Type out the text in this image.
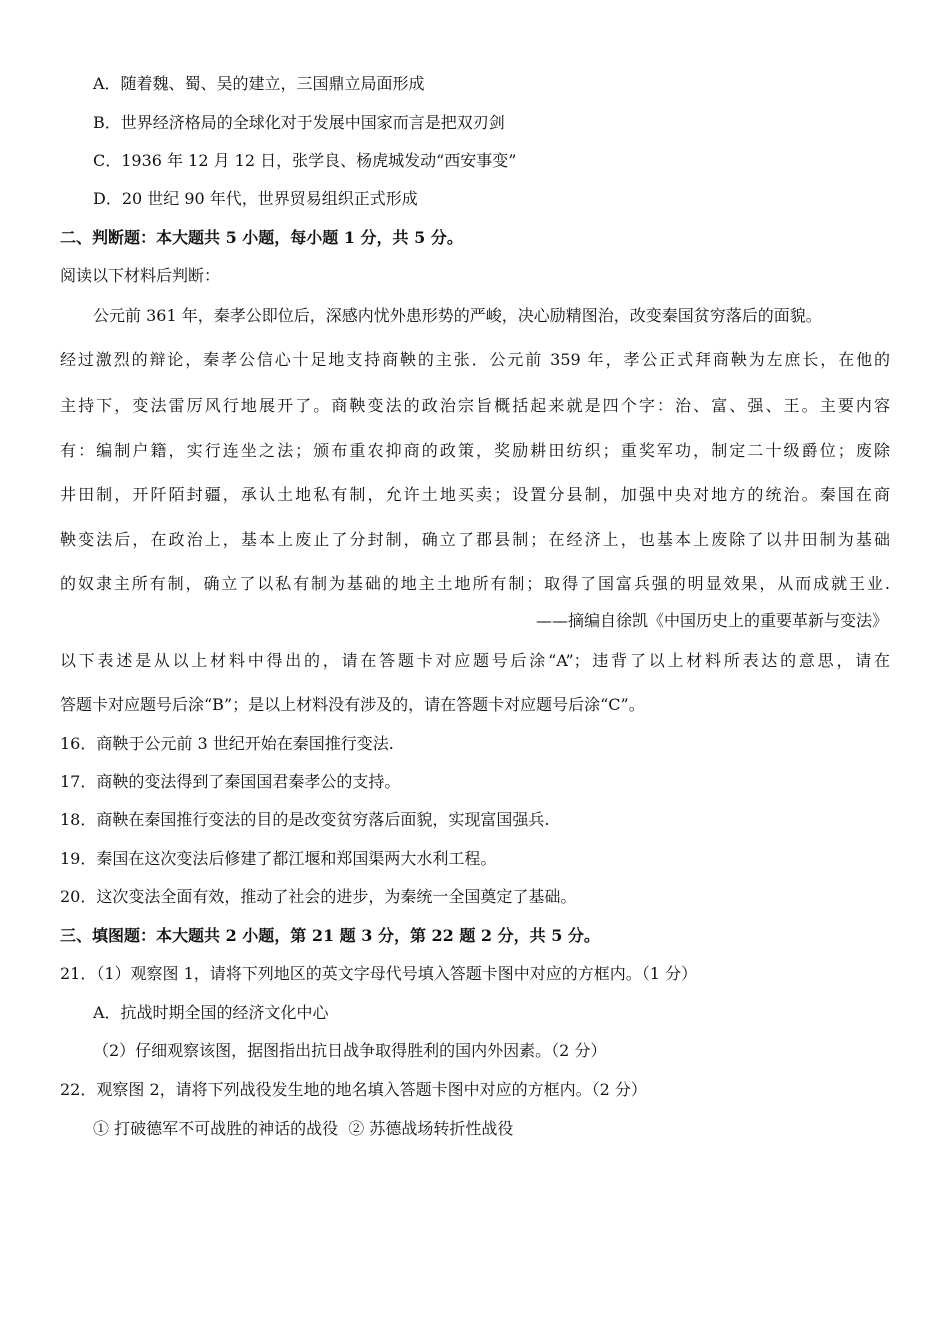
A．随着魏、蜀、吴的建立，三国鼎立局面形成
B．世界经济格局的全球化对于发展中国家而言是把双刃剑
C．1936 年 12 月 12 日，张学良、杨虎城发动“西安事变”
D．20 世纪 90 年代，世界贸易组织正式形成
二、判断题：本大题共 5 小题，每小题 1 分，共 5 分。
阅读以下材料后判断：
公元前 361 年，秦孝公即位后，深感内忧外患形势的严峻，决心励精图治，改变秦国贫穷落后的面貌。
经过激烈的辩论，秦孝公信心十足地支持商鞅的主张．公元前 359 年，孝公正式拜商鞅为左庶长，在他的
主持下，变法雷厉风行地展开了。商鞅变法的政治宗旨概括起来就是四个字：治、富、强、王。主要内容
有：编制户籍，实行连坐之法；颁布重农抑商的政策，奖励耕田纺织；重奖军功，制定二十级爵位；废除
井田制，开阡陌封疆，承认土地私有制，允许土地买卖；设置分县制，加强中央对地方的统治。秦国在商
鞅变法后，在政治上，基本上废止了分封制，确立了郡县制；在经济上，也基本上废除了以井田制为基础
的奴隶主所有制，确立了以私有制为基础的地主土地所有制；取得了国富兵强的明显效果，从而成就王业.
——摘编自徐凯《中国历史上的重要革新与变法》
以下表述是从以上材料中得出的，请在答题卡对应题号后涂“A”；违背了以上材料所表达的意思，请在
答题卡对应题号后涂“B”；是以上材料没有涉及的，请在答题卡对应题号后涂“C”。
16．商鞅于公元前 3 世纪开始在秦国推行变法.
17．商鞅的变法得到了秦国国君秦孝公的支持。
18．商鞅在秦国推行变法的目的是改变贫穷落后面貌，实现富国强兵.
19．秦国在这次变法后修建了都江堰和郑国渠两大水利工程。
20．这次变法全面有效，推动了社会的进步，为秦统一全国奠定了基础。
三、填图题：本大题共 2 小题，第 21 题 3 分，第 22 题 2 分，共 5 分。
21．（1）观察图 1，请将下列地区的英文字母代号填入答题卡图中对应的方框内。（1 分）
A．抗战时期全国的经济文化中心
（2）仔细观察该图，据图指出抗日战争取得胜利的国内外因素。（2 分）
22．观察图 2，请将下列战役发生地的地名填入答题卡图中对应的方框内。（2 分）
① 打破德军不可战胜的神话的战役  ② 苏德战场转折性战役
